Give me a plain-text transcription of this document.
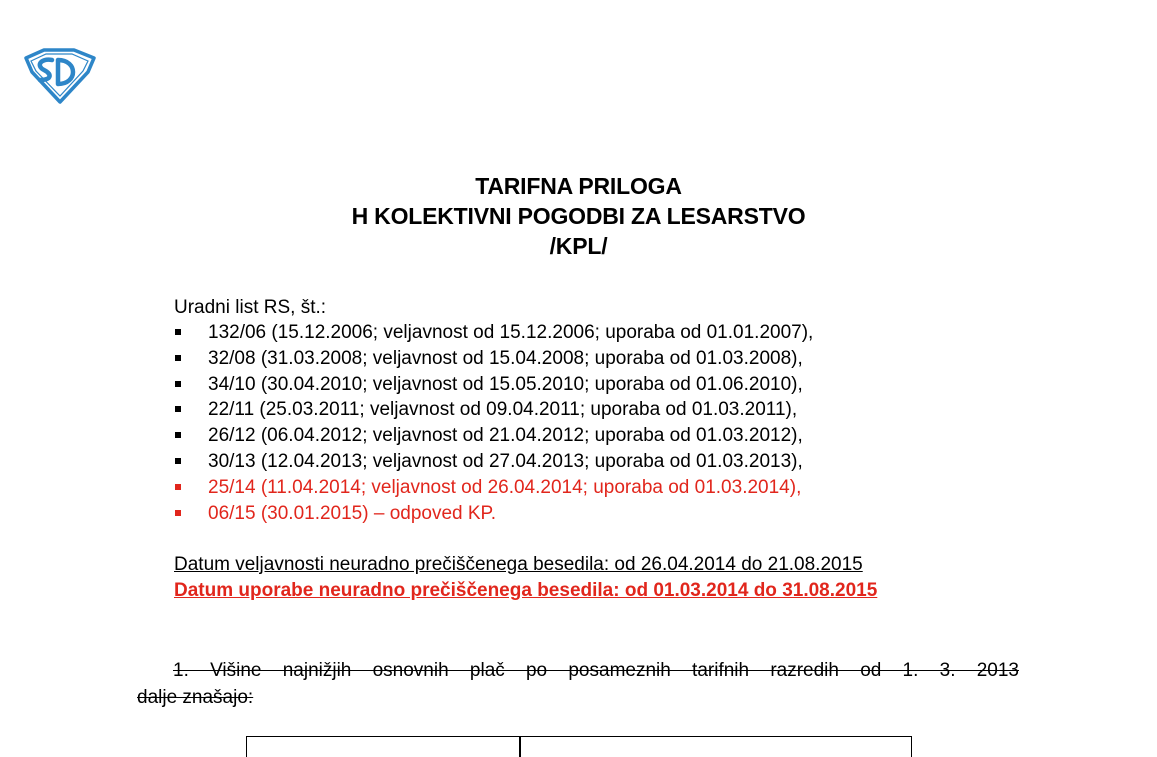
TARIFNA PRILOGA
H KOLEKTIVNI POGODBI ZA LESARSTVO
/KPL/
Uradni list RS, št.:
132/06 (15.12.2006; veljavnost od 15.12.2006; uporaba od 01.01.2007),
32/08 (31.03.2008; veljavnost od 15.04.2008; uporaba od 01.03.2008),
34/10 (30.04.2010; veljavnost od 15.05.2010; uporaba od 01.06.2010),
22/11 (25.03.2011; veljavnost od 09.04.2011; uporaba od 01.03.2011),
26/12 (06.04.2012; veljavnost od 21.04.2012; uporaba od 01.03.2012),
30/13 (12.04.2013; veljavnost od 27.04.2013; uporaba od 01.03.2013),
25/14 (11.04.2014; veljavnost od 26.04.2014; uporaba od 01.03.2014),
06/15 (30.01.2015) – odpoved KP.
Datum veljavnosti neuradno prečiščenega besedila: od 26.04.2014 do 21.08.2015
Datum uporabe neuradno prečiščenega besedila: od 01.03.2014 do 31.08.2015
1. Višine najnižjih osnovnih plač po posameznih tarifnih razredih od 1. 3. 2013
dalje znašajo:
